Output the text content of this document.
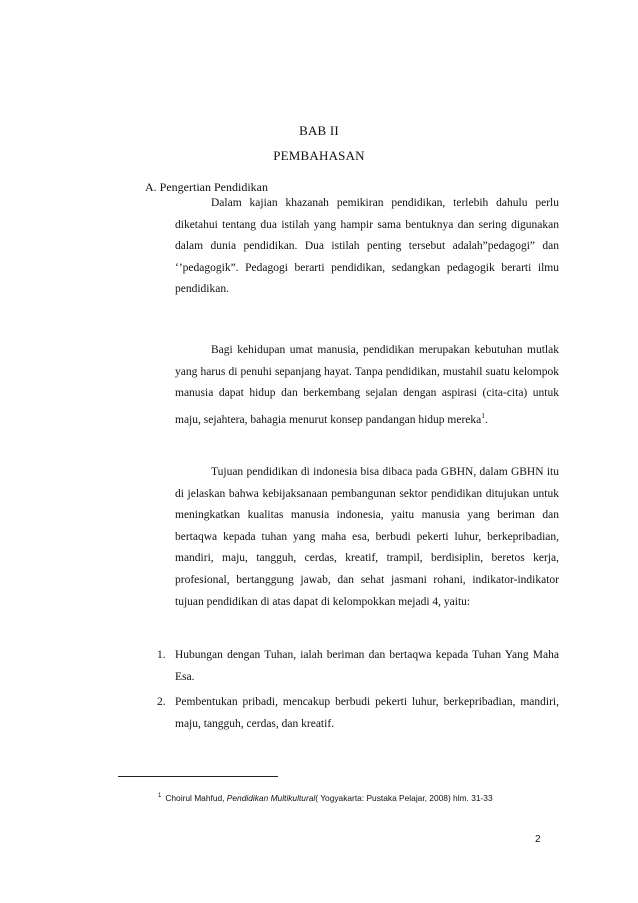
BAB II
PEMBAHASAN
A. Pengertian Pendidikan
Dalam kajian khazanah pemikiran pendidikan, terlebih dahulu perlu diketahui tentang dua istilah yang hampir sama bentuknya dan sering digunakan dalam dunia pendidikan. Dua istilah penting tersebut adalah”pedagogi” dan ‘’pedagogik”. Pedagogi berarti pendidikan, sedangkan pedagogik berarti ilmu pendidikan.
Bagi kehidupan umat manusia, pendidikan merupakan kebutuhan mutlak yang harus di penuhi sepanjang hayat. Tanpa pendidikan, mustahil suatu kelompok manusia dapat hidup dan berkembang sejalan dengan aspirasi (cita-cita) untuk maju, sejahtera, bahagia menurut konsep pandangan hidup mereka$^1$.
Tujuan pendidikan di indonesia bisa dibaca pada GBHN, dalam GBHN itu di jelaskan bahwa kebijaksanaan pembangunan sektor pendidikan ditujukan untuk meningkatkan kualitas manusia indonesia, yaitu manusia yang beriman dan bertaqwa kepada tuhan yang maha esa, berbudi pekerti luhur, berkepribadian, mandiri, maju, tangguh, cerdas, kreatif, trampil, berdisiplin, beretos kerja, profesional, bertanggung jawab, dan sehat jasmani rohani, indikator-indikator tujuan pendidikan di atas dapat di kelompokkan mejadi 4, yaitu:
1. Hubungan dengan Tuhan, ialah beriman dan bertaqwa kepada Tuhan Yang Maha Esa.
2. Pembentukan pribadi, mencakup berbudi pekerti luhur, berkepribadian, mandiri, maju, tangguh, cerdas, dan kreatif.
$^1$ Choirul Mahfud, Pendidikan Multikultural( Yogyakarta: Pustaka Pelajar, 2008) hlm. 31-33
2
